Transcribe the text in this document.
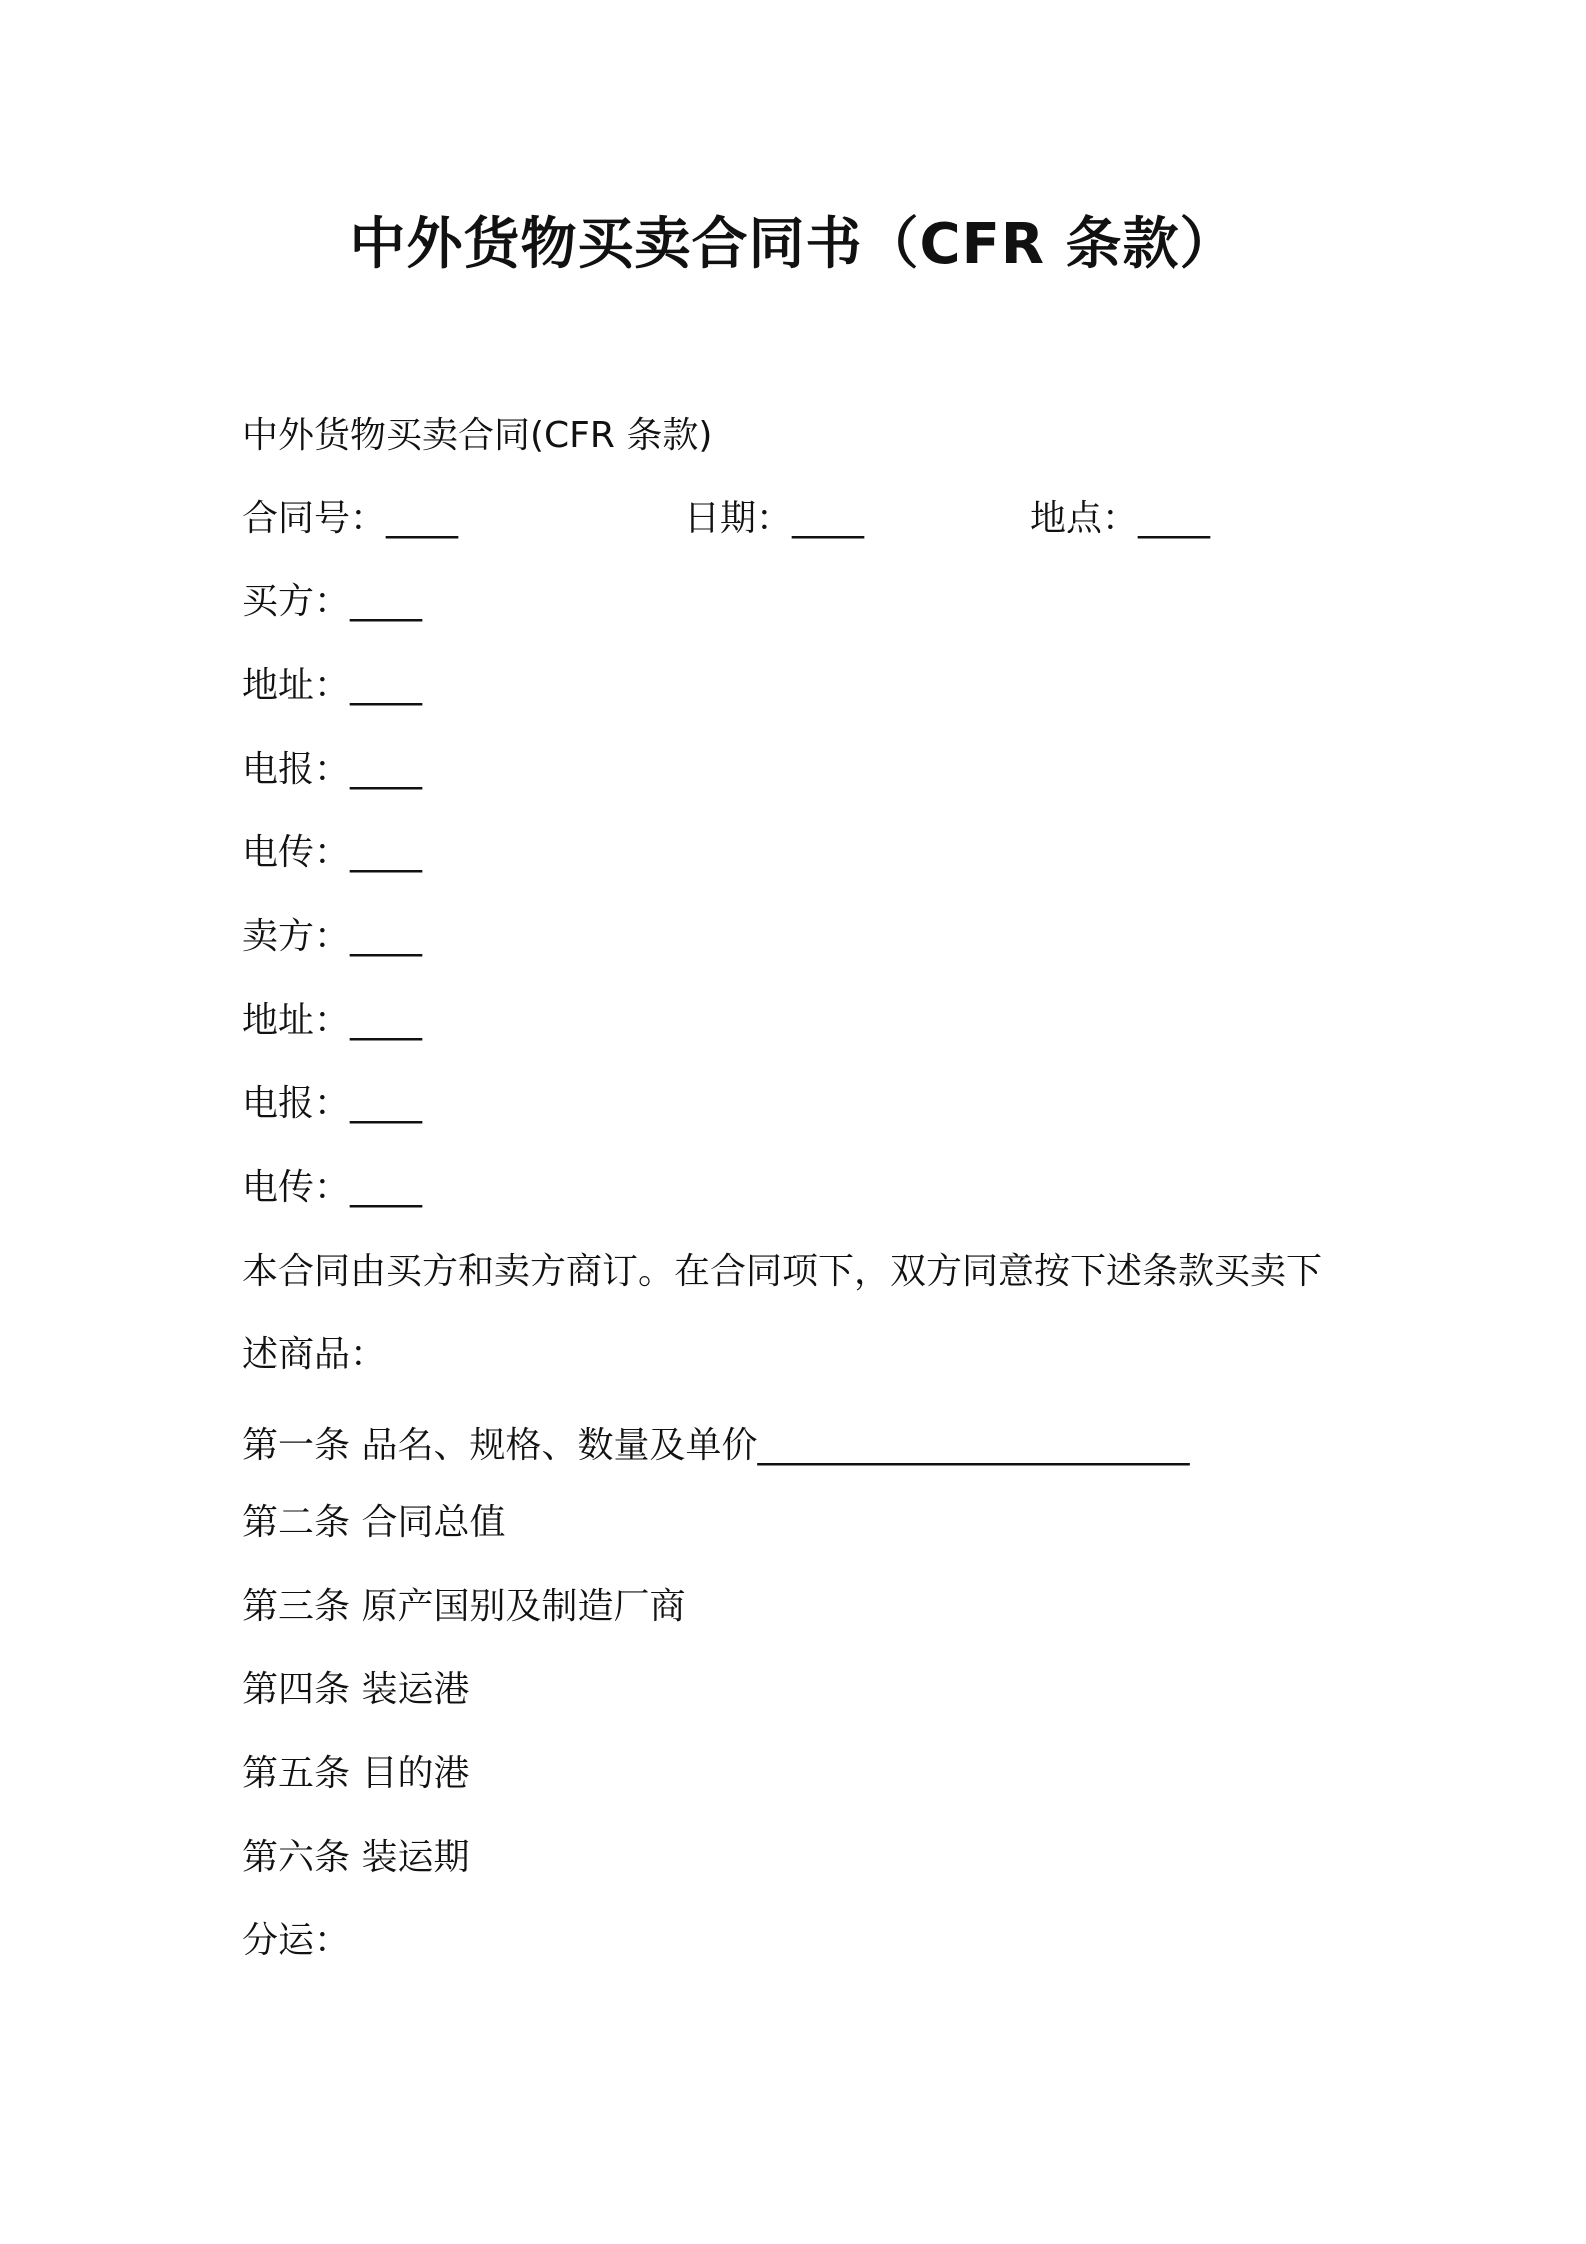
中外货物买卖合同书（CFR 条款）
中外货物买卖合同(CFR 条款)
合同号：____	日期：____	地点：____
买方：____
地址：____
电报：____
电传：____
卖方：____
地址：____
电报：____
电传：____
本合同由买方和卖方商订。在合同项下，双方同意按下述条款买卖下
述商品：
第一条 品名、规格、数量及单价________________________
第二条 合同总值
第三条 原产国别及制造厂商
第四条 装运港
第五条 目的港
第六条 装运期
分运：
